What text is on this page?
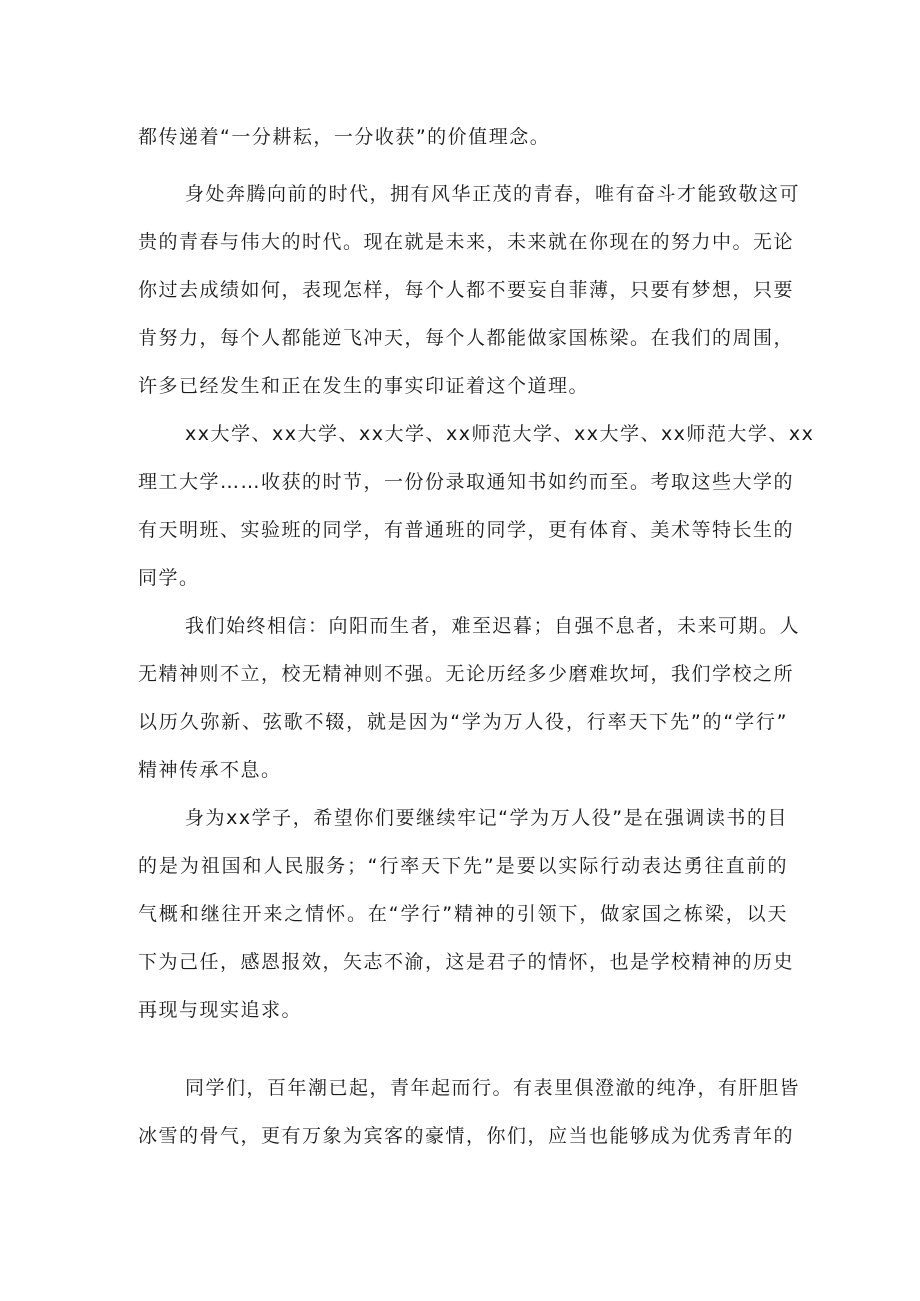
都传递着“一分耕耘，一分收获”的价值理念。
身处奔腾向前的时代，拥有风华正茂的青春，唯有奋斗才能致敬这可
贵的青春与伟大的时代。现在就是未来，未来就在你现在的努力中。无论
你过去成绩如何，表现怎样，每个人都不要妄自菲薄，只要有梦想，只要
肯努力，每个人都能逆飞冲天，每个人都能做家国栋梁。在我们的周围，
许多已经发生和正在发生的事实印证着这个道理。
xx大学、xx大学、xx大学、xx师范大学、xx大学、xx师范大学、xx
理工大学……收获的时节，一份份录取通知书如约而至。考取这些大学的
有天明班、实验班的同学，有普通班的同学，更有体育、美术等特长生的
同学。
我们始终相信：向阳而生者，难至迟暮；自强不息者，未来可期。人
无精神则不立，校无精神则不强。无论历经多少磨难坎坷，我们学校之所
以历久弥新、弦歌不辍，就是因为“学为万人役，行率天下先”的“学行”
精神传承不息。
身为xx学子，希望你们要继续牢记“学为万人役”是在强调读书的目
的是为祖国和人民服务；“行率天下先”是要以实际行动表达勇往直前的
气概和继往开来之情怀。在“学行”精神的引领下，做家国之栋梁，以天
下为己任，感恩报效，矢志不渝，这是君子的情怀，也是学校精神的历史
再现与现实追求。
同学们，百年潮已起，青年起而行。有表里俱澄澈的纯净，有肝胆皆
冰雪的骨气，更有万象为宾客的豪情，你们，应当也能够成为优秀青年的
